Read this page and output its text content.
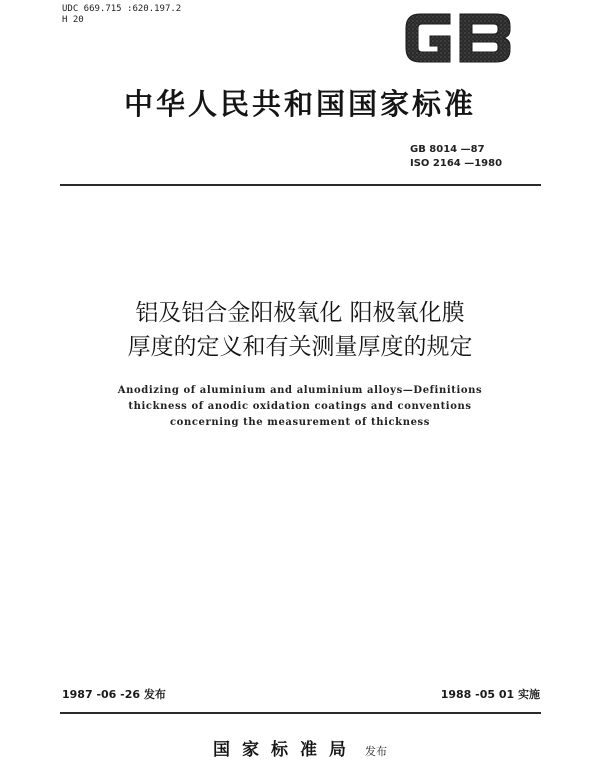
UDC 669.715 :620.197.2
H 20
中华人民共和国国家标准
GB 8014 —87
ISO 2164 —1980
铝及铝合金阳极氧化 阳极氧化膜
厚度的定义和有关测量厚度的规定
Anodizing of aluminium and aluminium alloys—Definitions
thickness of anodic oxidation coatings and conventions
concerning the measurement of thickness
1987 -06 -26 发布	1988 -05 01 实施
国家标准局 发布
